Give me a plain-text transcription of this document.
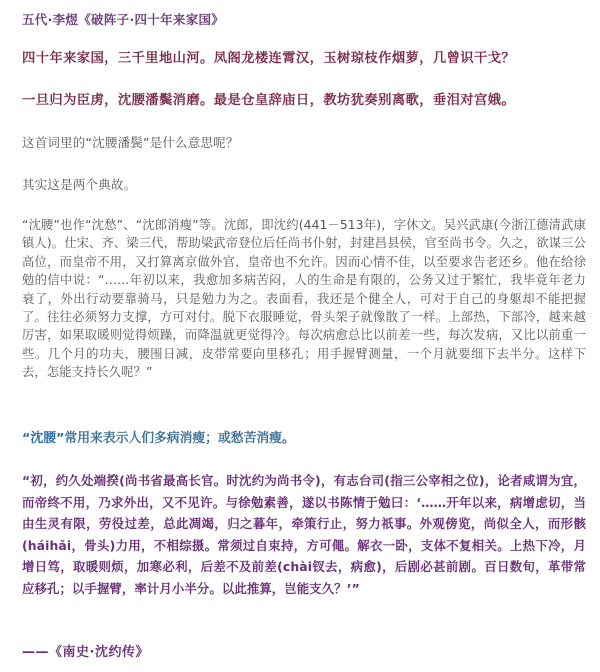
五代·李煜《破阵子·四十年来家国》

四十年来家国，三千里地山河。凤阁龙楼连霄汉，玉树琼枝作烟萝，几曾识干戈？

一旦归为臣虏，沈腰潘鬓消磨。最是仓皇辞庙日，教坊犹奏别离歌，垂泪对宫娥。

这首词里的“沈腰潘鬓”是什么意思呢？

其实这是两个典故。

“沈腰”也作“沈愁”、“沈郎消瘦”等。沈郎，即沈约(441－513年)，字休文。吴兴武康(今浙江德清武康镇人)。仕宋、齐、梁三代，帮助梁武帝登位后任尚书仆射，封建昌县侯，官至尚书令。久之，欲谋三公高位，而皇帝不用，又打算离京做外官，皇帝也不允许。因而心情不佳，以至要求告老还乡。他在给徐勉的信中说：“……年初以来，我愈加多病苦闷，人的生命是有限的，公务又过于繁忙，我毕竟年老力衰了，外出行动要靠骑马，只是勉力为之。表面看，我还是个健全人，可对于自己的身躯却不能把握了。往往必须努力支撑，方可对付。脱下衣服睡觉，骨头架子就像散了一样。上部热，下部冷，越来越厉害，如果取暖则觉得烦躁，而降温就更觉得冷。每次病愈总比以前差一些，每次发病，又比以前重一些。几个月的功夫，腰围日减，皮带常要向里移孔；用手握臂测量，一个月就要细下去半分。这样下去，怎能支持长久呢？”

“沈腰”常用来表示人们多病消瘦；或愁苦消瘦。

“初，约久处端揆(尚书省最高长官。时沈约为尚书令)，有志台司(指三公宰相之位)，论者咸谓为宜，而帝终不用，乃求外出，又不见许。与徐勉素善，遂以书陈情于勉曰：‘……开年以来，病增虑切，当由生灵有限，劳役过差，总此凋竭，归之暮年，牵策行止，努力祇事。外观傍览，尚似全人，而形骸(háihǎi，骨头)力用，不相综摄。常须过自束持，方可僶。解衣一卧，支体不复相关。上热下冷，月增日笃，取暖则烦，加寒必利，后差不及前差(chài钗去，病愈)，后剧必甚前剧。百日数旬，革带常应移孔；以手握臂，率计月小半分。以此推算，岂能支久？’”

——《南史·沈约传》
